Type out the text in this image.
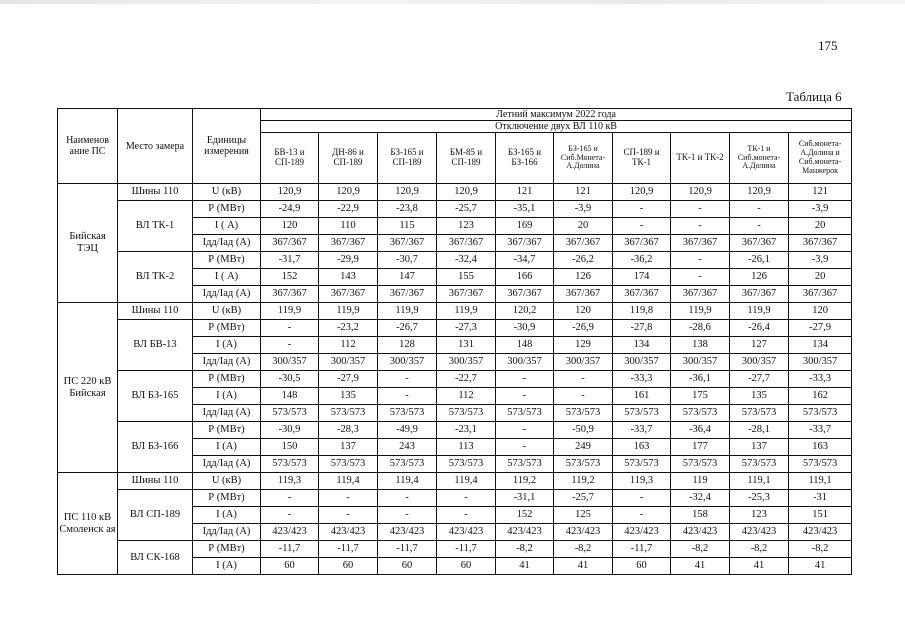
175
Таблица 6
Наименов ание ПС	Место замера	Единицы измерения	Летний максимум 2022 года									
			Отключение двух ВЛ 110 кВ									
			БВ-13 и СП-189	ДН-86 и СП-189	БЗ-165 и СП-189	БМ-85 и СП-189	БЗ-165 и БЗ-166	БЗ-165 и Сиб.Монета-А.Долина	СП-189 и ТК-1	ТК-1 и ТК-2	ТК-1 и Сиб.монета-А.Долина	Сиб.монета-А.Долина и Сиб.монета-Манжерок
Бийская ТЭЦ	Шины 110	U (кВ)	120,9	120,9	120,9	120,9	121	121	120,9	120,9	120,9	121
	ВЛ ТК-1	Р (МВт)	-24,9	-22,9	-23,8	-25,7	-35,1	-3,9	-	-	-	-3,9
		I ( А)	120	110	115	123	169	20	-	-	-	20
		Iдд/Iад (А)	367/367	367/367	367/367	367/367	367/367	367/367	367/367	367/367	367/367	367/367
	ВЛ ТК-2	Р (МВт)	-31,7	-29,9	-30,7	-32,4	-34,7	-26,2	-36,2	-	-26,1	-3,9
		I ( А)	152	143	147	155	166	126	174	-	126	20
		Iдд/Iад (А)	367/367	367/367	367/367	367/367	367/367	367/367	367/367	367/367	367/367	367/367
ПС 220 кВ Бийская	Шины 110	U (кВ)	119,9	119,9	119,9	119,9	120,2	120	119,8	119,9	119,9	120
	ВЛ БВ-13	Р (МВт)	-	-23,2	-26,7	-27,3	-30,9	-26,9	-27,8	-28,6	-26,4	-27,9
		I (А)	-	112	128	131	148	129	134	138	127	134
		Iдд/Iад (А)	300/357	300/357	300/357	300/357	300/357	300/357	300/357	300/357	300/357	300/357
	ВЛ БЗ-165	Р (МВт)	-30,5	-27,9	-	-22,7	-	-	-33,3	-36,1	-27,7	-33,3
		I (А)	148	135	-	112	-	-	161	175	135	162
		Iдд/Iад (А)	573/573	573/573	573/573	573/573	573/573	573/573	573/573	573/573	573/573	573/573
	ВЛ БЗ-166	Р (МВт)	-30,9	-28,3	-49,9	-23,1	-	-50,9	-33,7	-36,4	-28,1	-33,7
		I (А)	150	137	243	113	-	249	163	177	137	163
		Iдд/Iад (А)	573/573	573/573	573/573	573/573	573/573	573/573	573/573	573/573	573/573	573/573
ПС 110 кВ Смоленск ая	Шины 110	U (кВ)	119,3	119,4	119,4	119,4	119,2	119,2	119,3	119	119,1	119,1
	ВЛ СП-189	Р (МВт)	-	-	-	-	-31,1	-25,7	-	-32,4	-25,3	-31
		I (А)	-	-	-	-	152	125	-	158	123	151
		Iдд/Iад (А)	423/423	423/423	423/423	423/423	423/423	423/423	423/423	423/423	423/423	423/423
	ВЛ СК-168	Р (МВт)	-11,7	-11,7	-11,7	-11,7	-8,2	-8,2	-11,7	-8,2	-8,2	-8,2
		I (А)	60	60	60	60	41	41	60	41	41	41
